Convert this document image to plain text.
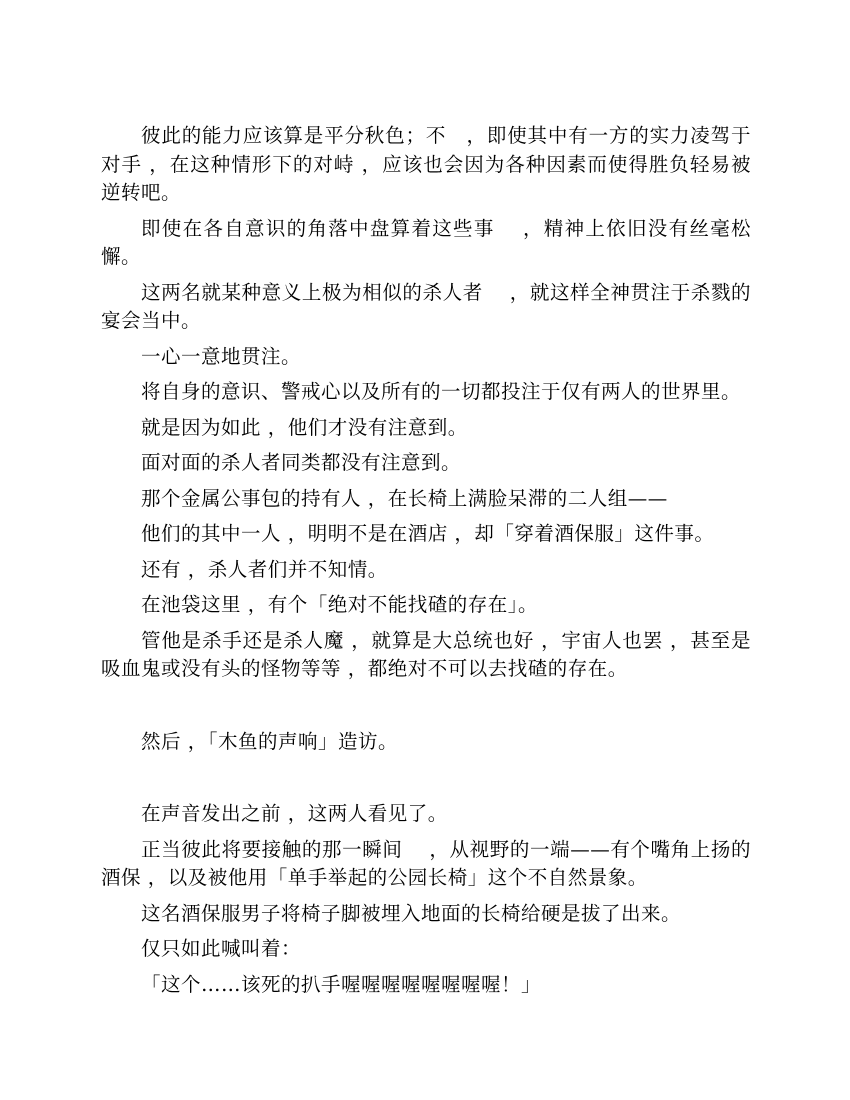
彼此的能力应该算是平分秋色；不　，即使其中有一方的实力凌驾于对手 ，在这种情形下的对峙 ，应该也会因为各种因素而使得胜负轻易被逆转吧。

即使在各自意识的角落中盘算着这些事　 ，精神上依旧没有丝毫松懈。

这两名就某种意义上极为相似的杀人者　 ，就这样全神贯注于杀戮的宴会当中。

一心一意地贯注。

将自身的意识、警戒心以及所有的一切都投注于仅有两人的世界里。

就是因为如此 ，他们才没有注意到。

面对面的杀人者同类都没有注意到。

那个金属公事包的持有人 ，在长椅上满脸呆滞的二人组——

他们的其中一人 ，明明不是在酒店 ，却「穿着酒保服」这件事。

还有 ，杀人者们并不知情。

在池袋这里 ，有个「绝对不能找碴的存在」。

管他是杀手还是杀人魔 ，就算是大总统也好 ，宇宙人也罢 ，甚至是吸血鬼或没有头的怪物等等 ，都绝对不可以去找碴的存在。

然后 ，「木鱼的声响」造访。

在声音发出之前 ，这两人看见了。

正当彼此将要接触的那一瞬间　 ，从视野的一端——有个嘴角上扬的酒保 ，以及被他用「单手举起的公园长椅」这个不自然景象。

这名酒保服男子将椅子脚被埋入地面的长椅给硬是拔了出来。

仅只如此喊叫着：

「这个……该死的扒手喔喔喔喔喔喔喔喔！」
